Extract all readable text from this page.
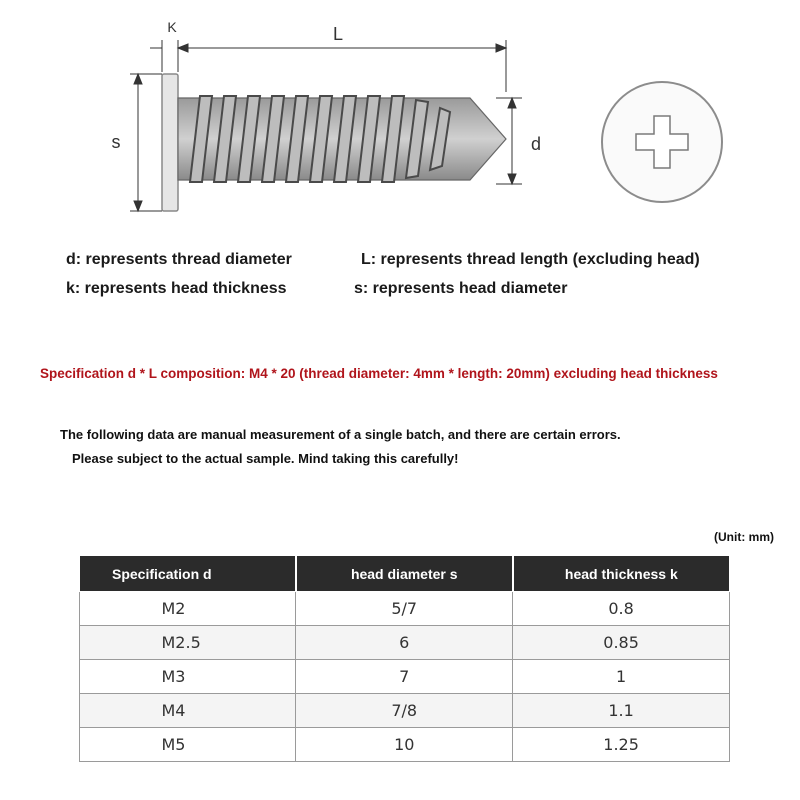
K	L
s	d
d: represents thread diameter	L: represents thread length (excluding head)
k: represents head thickness	s: represents head diameter
Specification d * L composition: M4 * 20 (thread diameter: 4mm * length: 20mm) excluding head thickness
The following data are manual measurement of a single batch, and there are certain errors.
Please subject to the actual sample. Mind taking this carefully!
(Unit: mm)
Specification d	head diameter s	head thickness k
M2	5/7	0.8
M2.5	6	0.85
M3	7	1
M4	7/8	1.1
M5	10	1.25
